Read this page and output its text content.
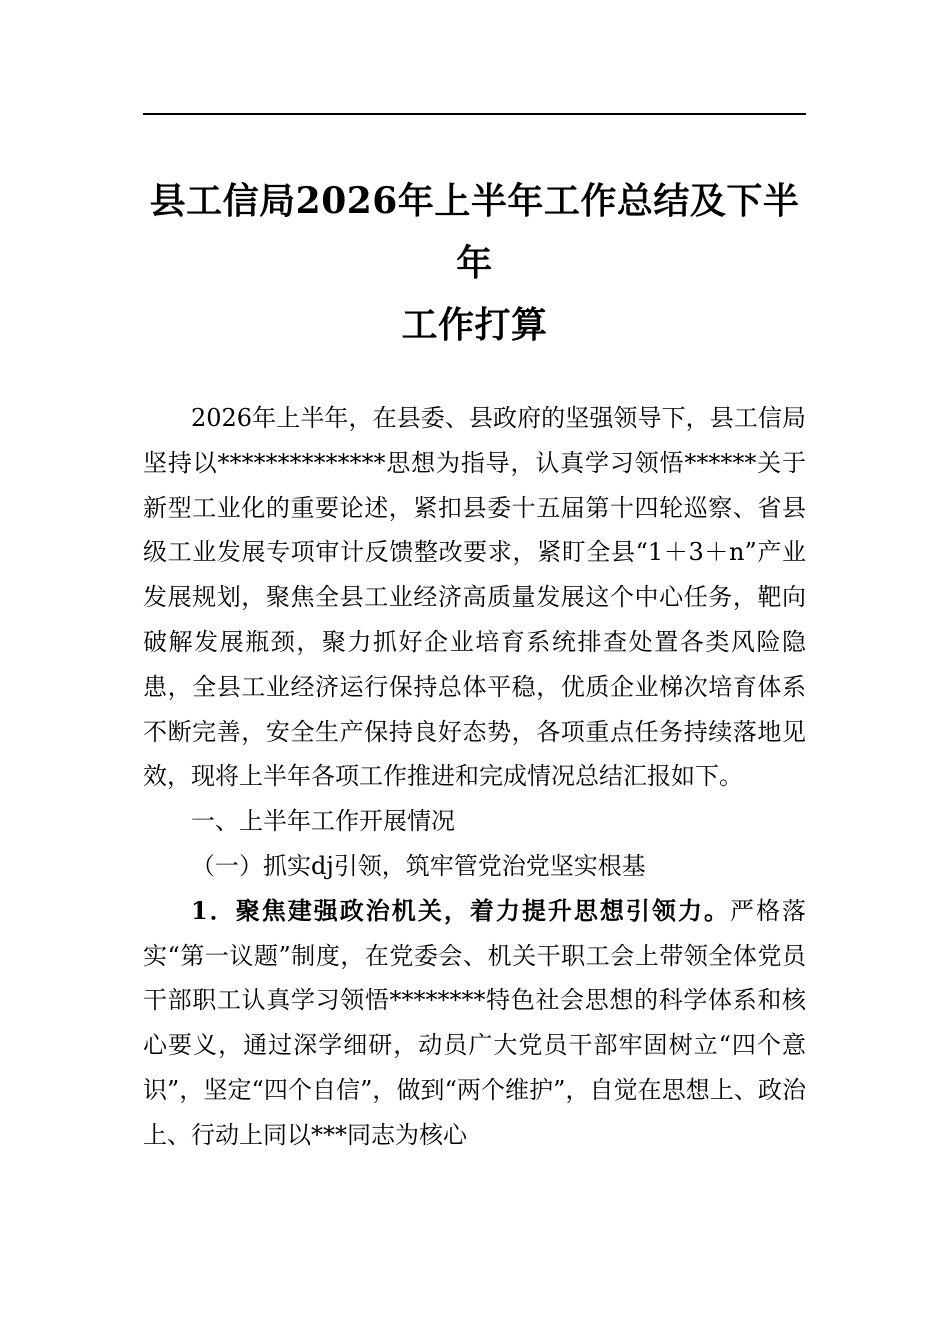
县工信局2026年上半年工作总结及下半年
工作打算

2026年上半年，在县委、县政府的坚强领导下，县工信局坚持以**************思想为指导，认真学习领悟******关于新型工业化的重要论述，紧扣县委十五届第十四轮巡察、省县级工业发展专项审计反馈整改要求，紧盯全县“1＋3＋n”产业发展规划，聚焦全县工业经济高质量发展这个中心任务，靶向破解发展瓶颈，聚力抓好企业培育系统排查处置各类风险隐患，全县工业经济运行保持总体平稳，优质企业梯次培育体系不断完善，安全生产保持良好态势，各项重点任务持续落地见效，现将上半年各项工作推进和完成情况总结汇报如下。

一、上半年工作开展情况

（一）抓实dj引领，筑牢管党治党坚实根基

1．聚焦建强政治机关，着力提升思想引领力。严格落实“第一议题”制度，在党委会、机关干职工会上带领全体党员干部职工认真学习领悟********特色社会思想的科学体系和核心要义，通过深学细研，动员广大党员干部牢固树立“四个意识”，坚定“四个自信”，做到“两个维护”，自觉在思想上、政治上、行动上同以***同志为核心
